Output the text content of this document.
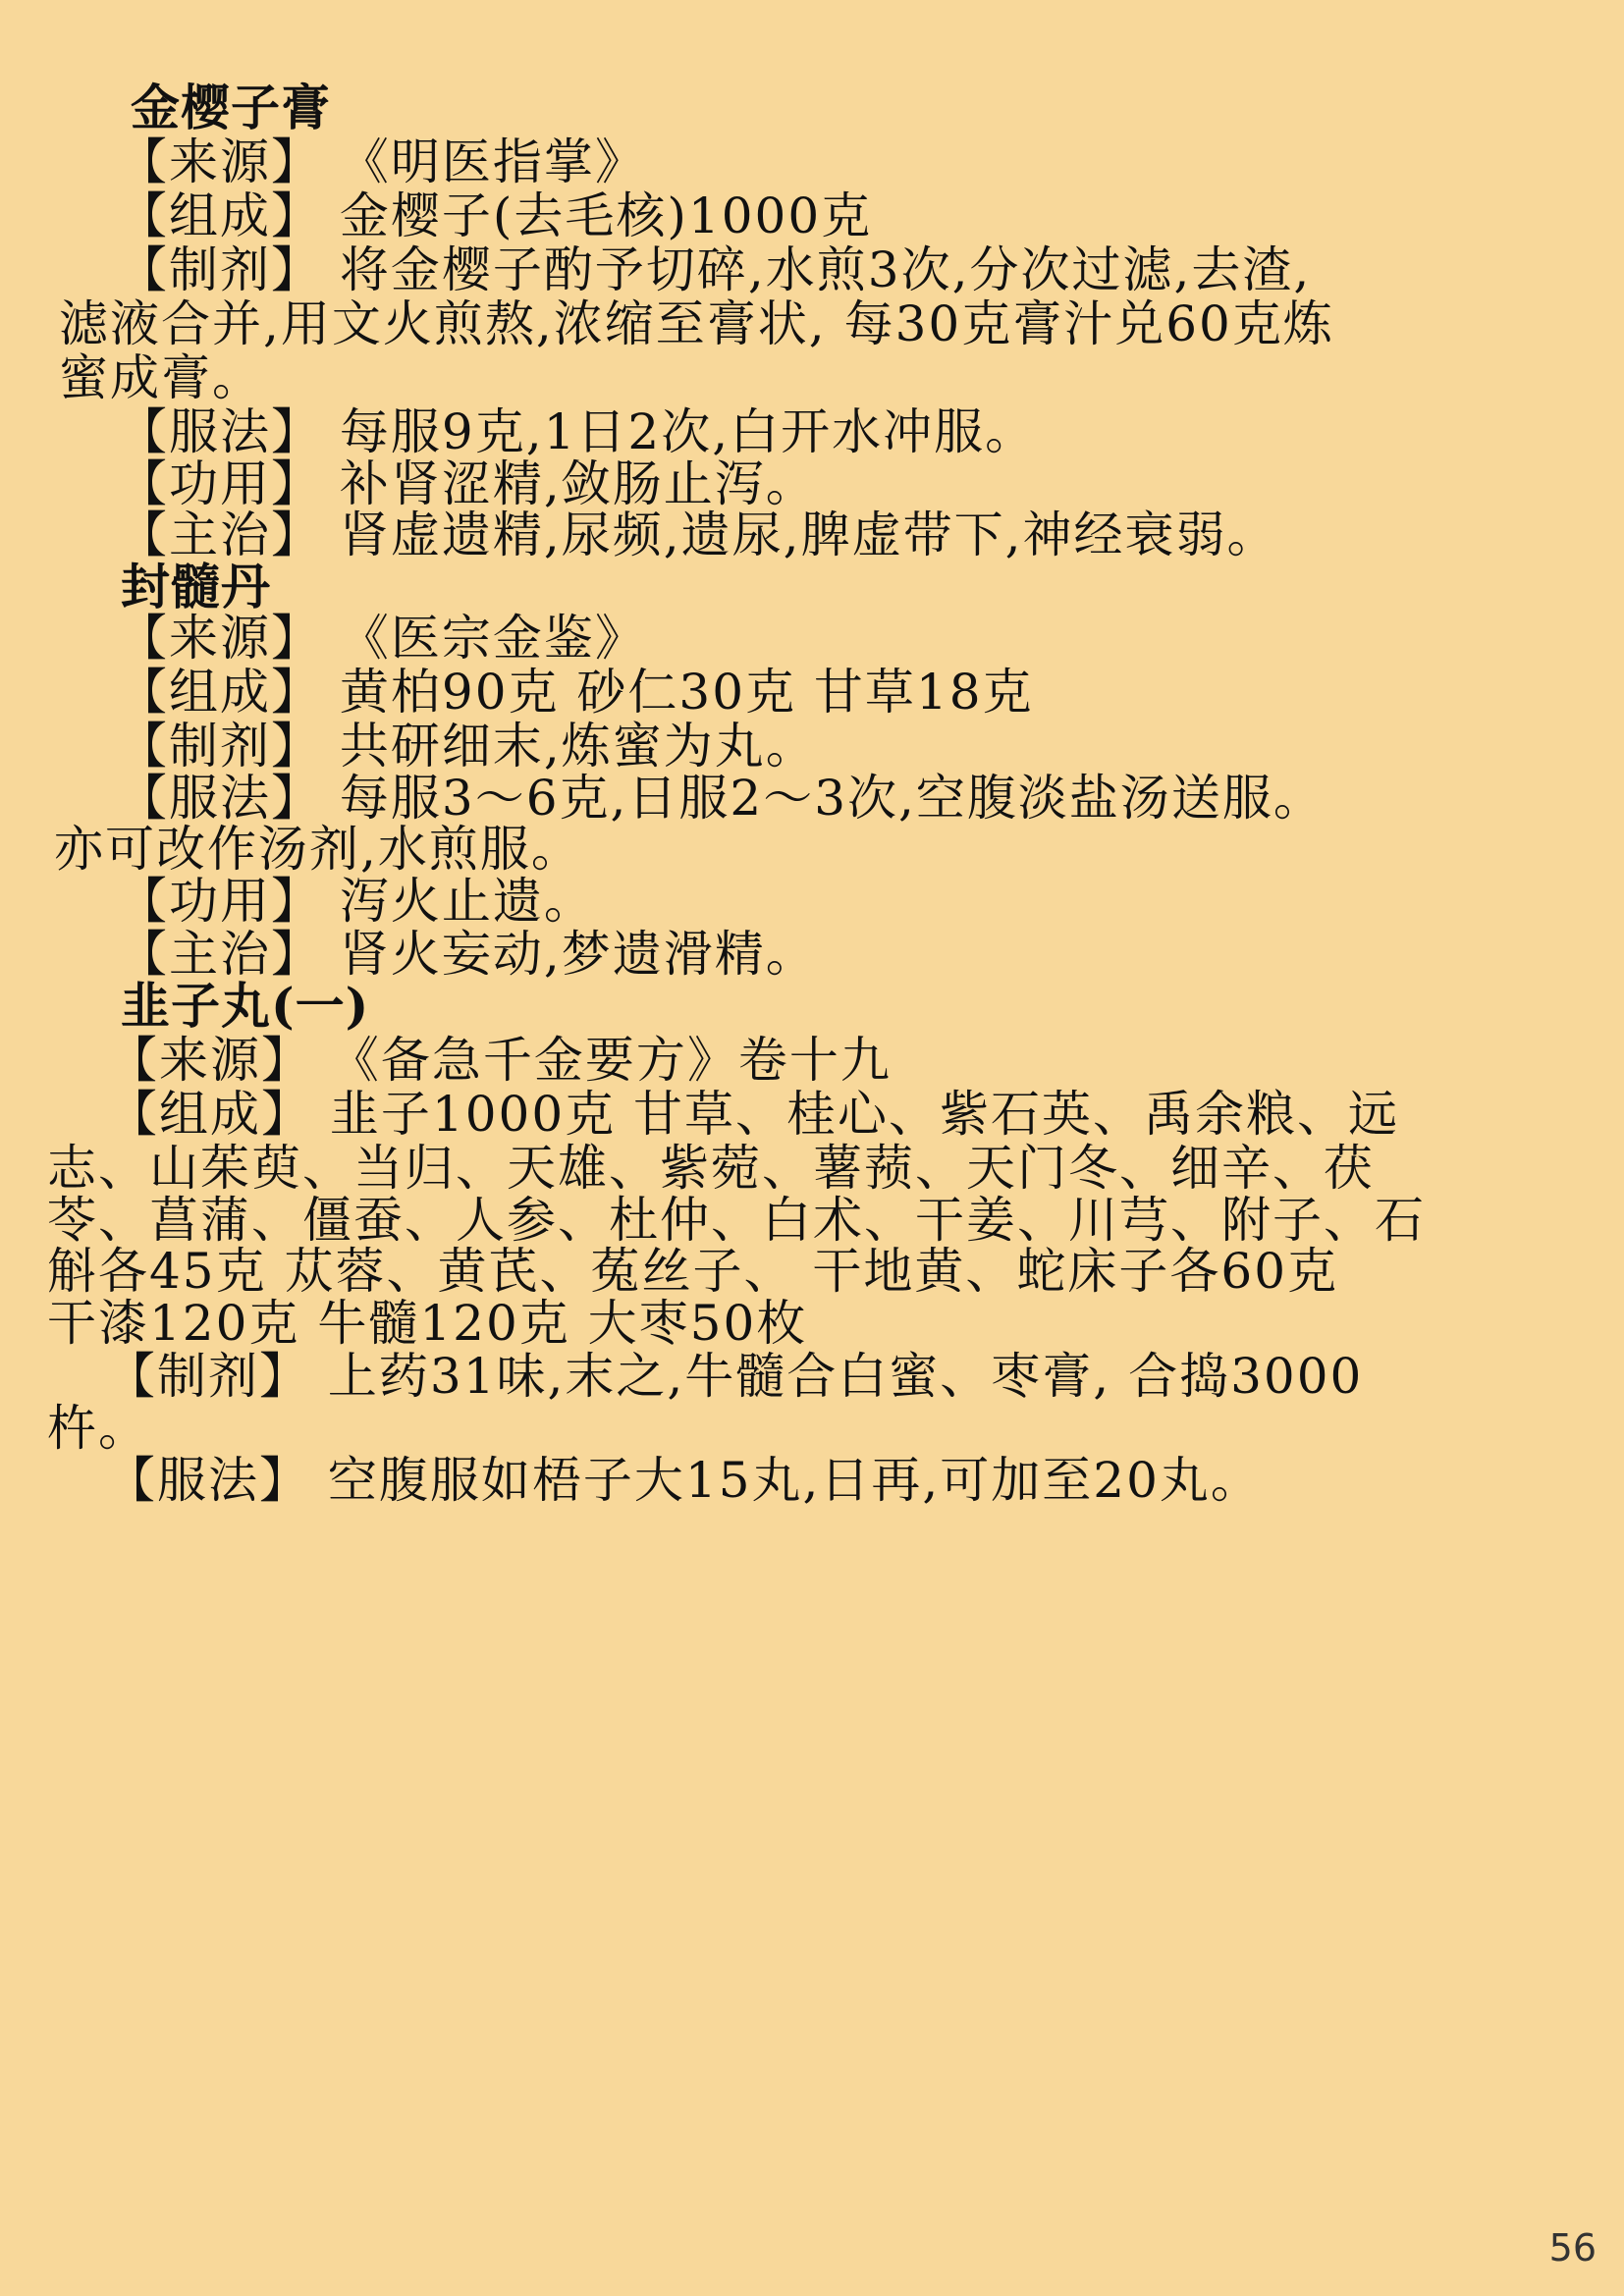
金樱子膏
【来源】 《明医指掌》
【组成】 金樱子(去毛核)1000克
【制剂】 将金樱子酌予切碎,水煎3次,分次过滤,去渣,
滤液合并,用文火煎熬,浓缩至膏状, 每30克膏汁兑60克炼
蜜成膏。
【服法】 每服9克,1日2次,白开水冲服。
【功用】 补肾涩精,敛肠止泻。
【主治】 肾虚遗精,尿频,遗尿,脾虚带下,神经衰弱。
封髓丹
【来源】 《医宗金鉴》
【组成】 黄柏90克 砂仁30克 甘草18克
【制剂】 共研细末,炼蜜为丸。
【服法】 每服3～6克,日服2～3次,空腹淡盐汤送服。
亦可改作汤剂,水煎服。
【功用】 泻火止遗。
【主治】 肾火妄动,梦遗滑精。
韭子丸(一)
【来源】 《备急千金要方》卷十九
【组成】 韭子1000克 甘草、桂心、紫石英、禹余粮、远
志、山茱萸、当归、天雄、紫菀、薯蓣、天门冬、细辛、茯
苓、菖蒲、僵蚕、人参、杜仲、白术、干姜、川芎、附子、石
斛各45克 苁蓉、黄芪、菟丝子、 干地黄、蛇床子各60克
干漆120克 牛髓120克 大枣50枚
【制剂】 上药31味,末之,牛髓合白蜜、枣膏, 合捣3000
杵。
【服法】 空腹服如梧子大15丸,日再,可加至20丸。
56
